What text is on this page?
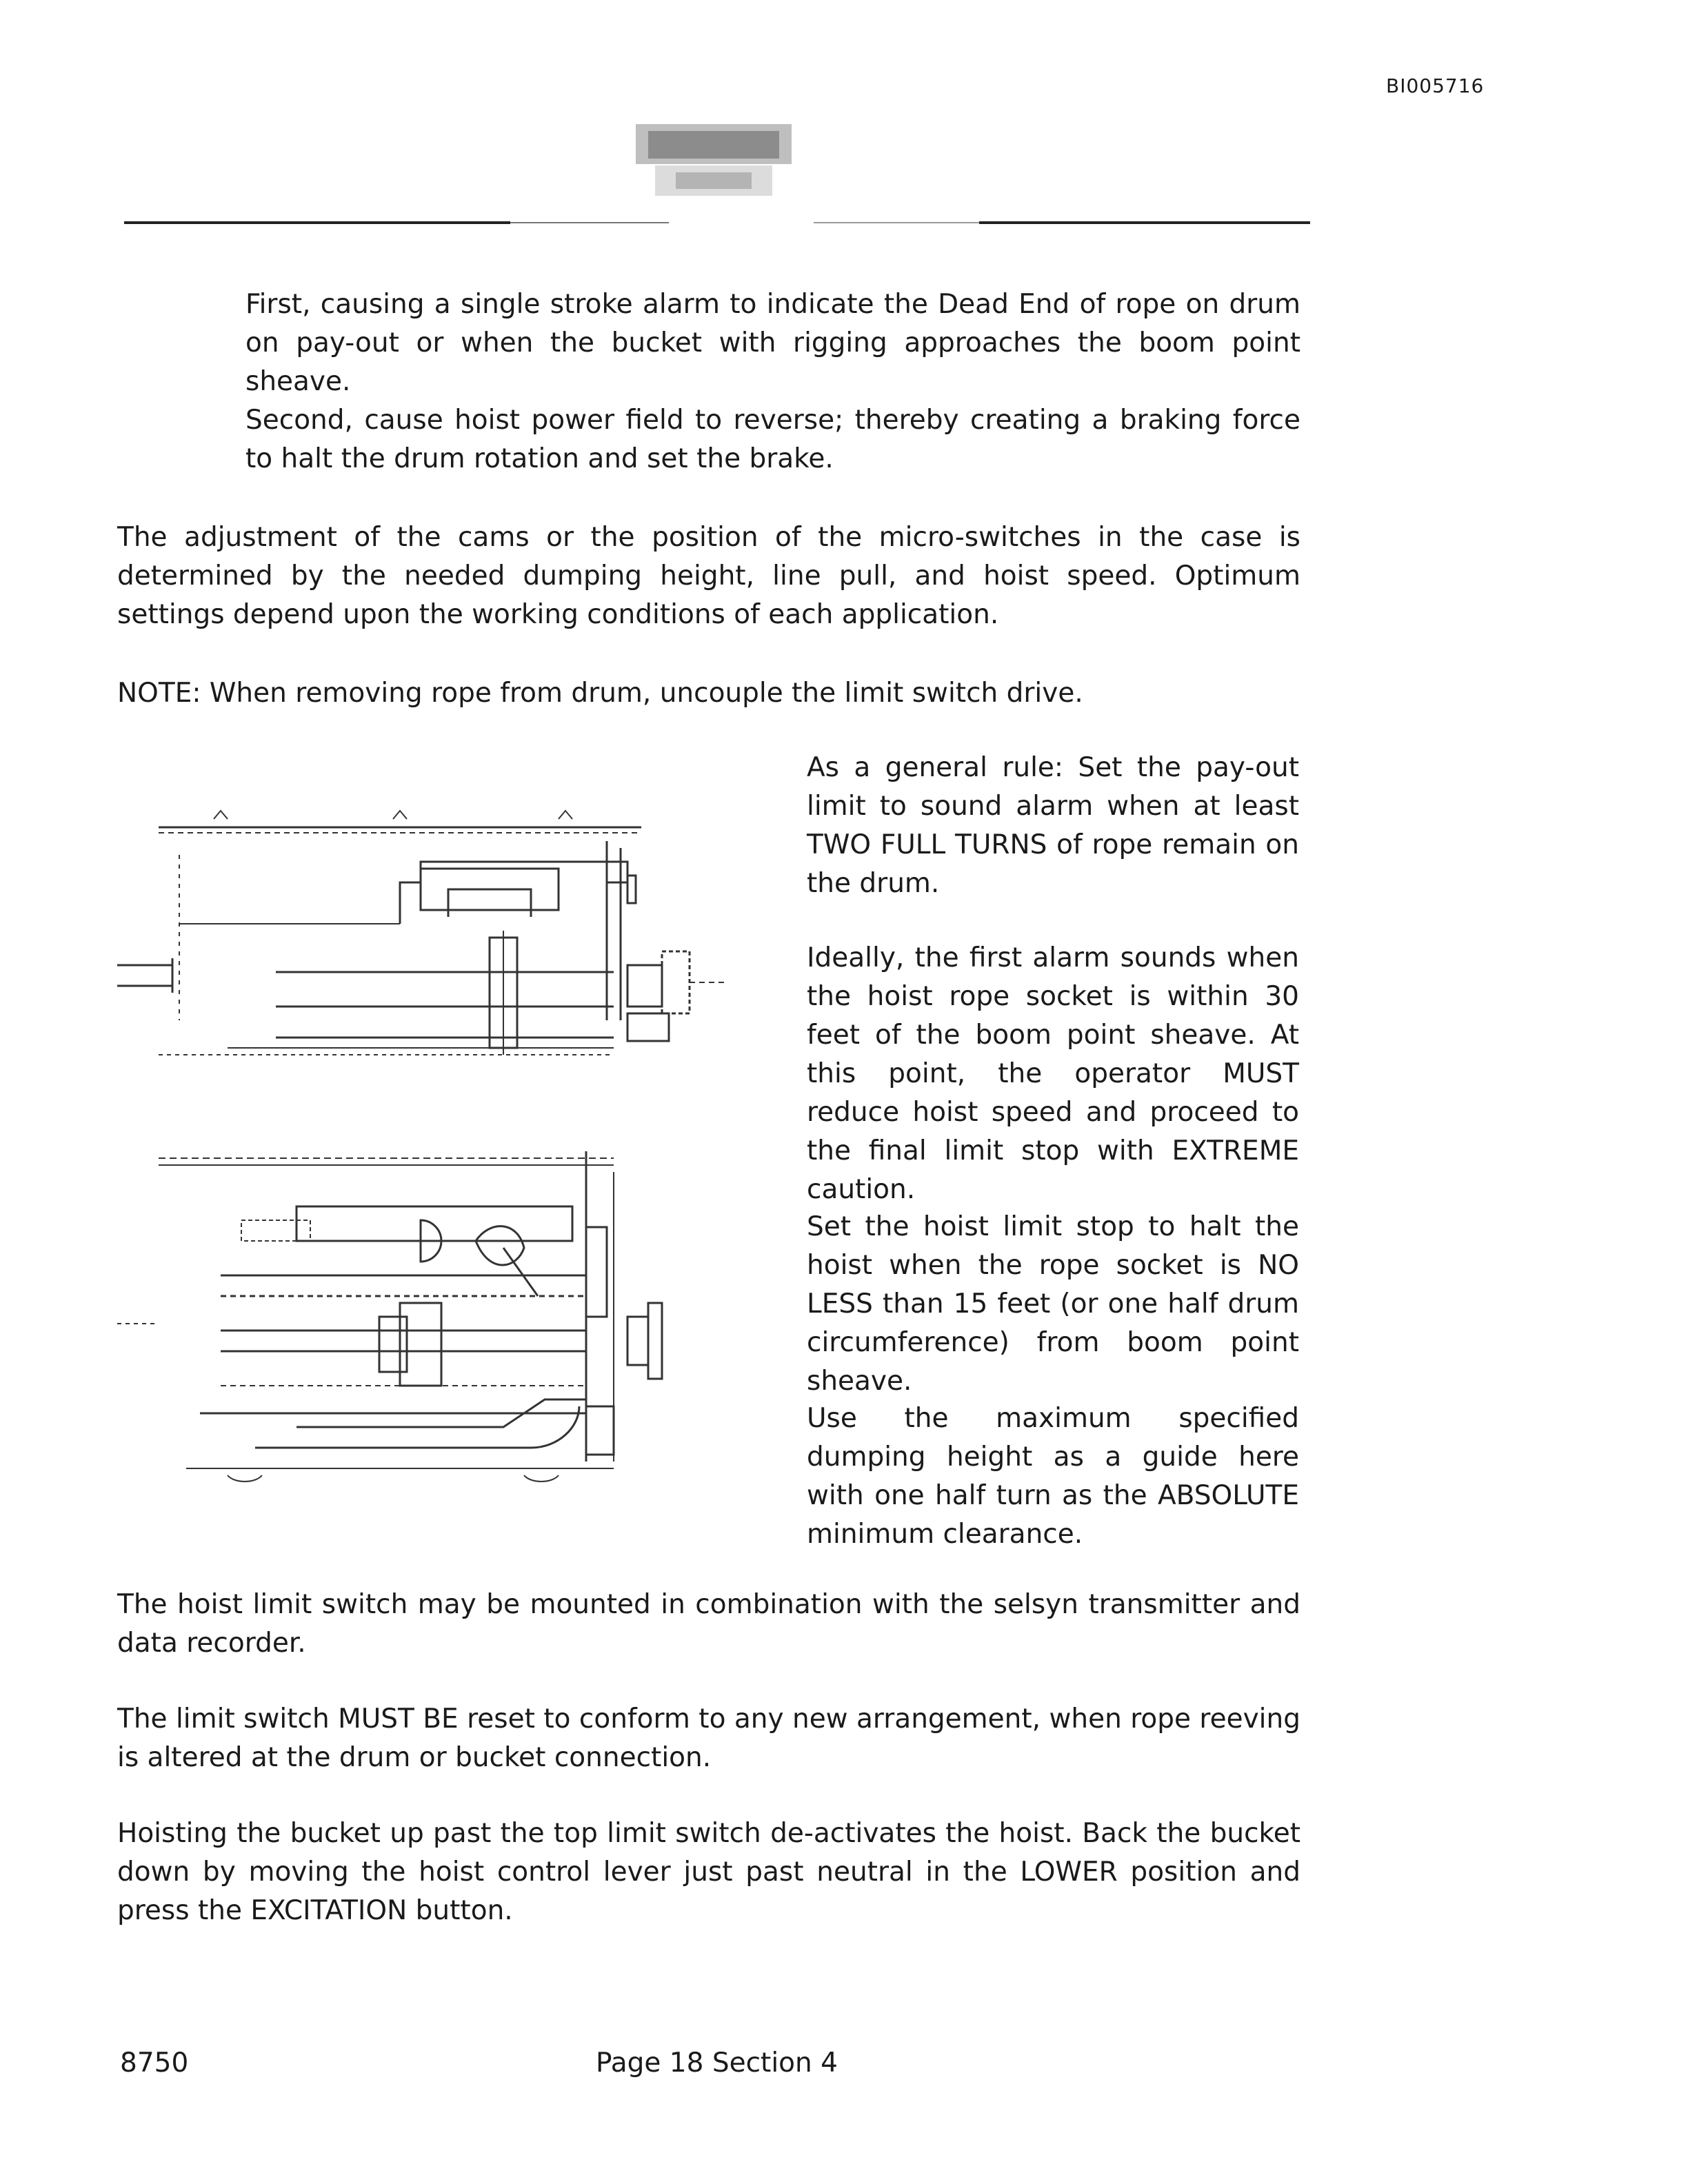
BI005716

First, causing a single stroke alarm to indicate the Dead End of rope on drum on pay-out or when the bucket with rigging approaches the boom point sheave.

Second, cause hoist power field to reverse; thereby creating a braking force to halt the drum rotation and set the brake.

The adjustment of the cams or the position of the micro-switches in the case is determined by the needed dumping height, line pull, and hoist speed. Optimum settings depend upon the working conditions of each application.

NOTE: When removing rope from drum, uncouple the limit switch drive.

As a general rule: Set the pay-out limit to sound alarm when at least TWO FULL TURNS of rope remain on the drum.

Ideally, the first alarm sounds when the hoist rope socket is within 30 feet of the boom point sheave. At this point, the operator MUST reduce hoist speed and proceed to the final limit stop with EXTREME caution.

Set the hoist limit stop to halt the hoist when the rope socket is NO LESS than 15 feet (or one half drum circumference) from boom point sheave.

Use the maximum specified dumping height as a guide here with one half turn as the ABSOLUTE minimum clearance.

The hoist limit switch may be mounted in combination with the selsyn transmitter and data recorder.

The limit switch MUST BE reset to conform to any new arrangement, when rope reeving is altered at the drum or bucket connection.

Hoisting the bucket up past the top limit switch de-activates the hoist. Back the bucket down by moving the hoist control lever just past neutral in the LOWER position and press the EXCITATION button.

8750	Page 18 Section 4
